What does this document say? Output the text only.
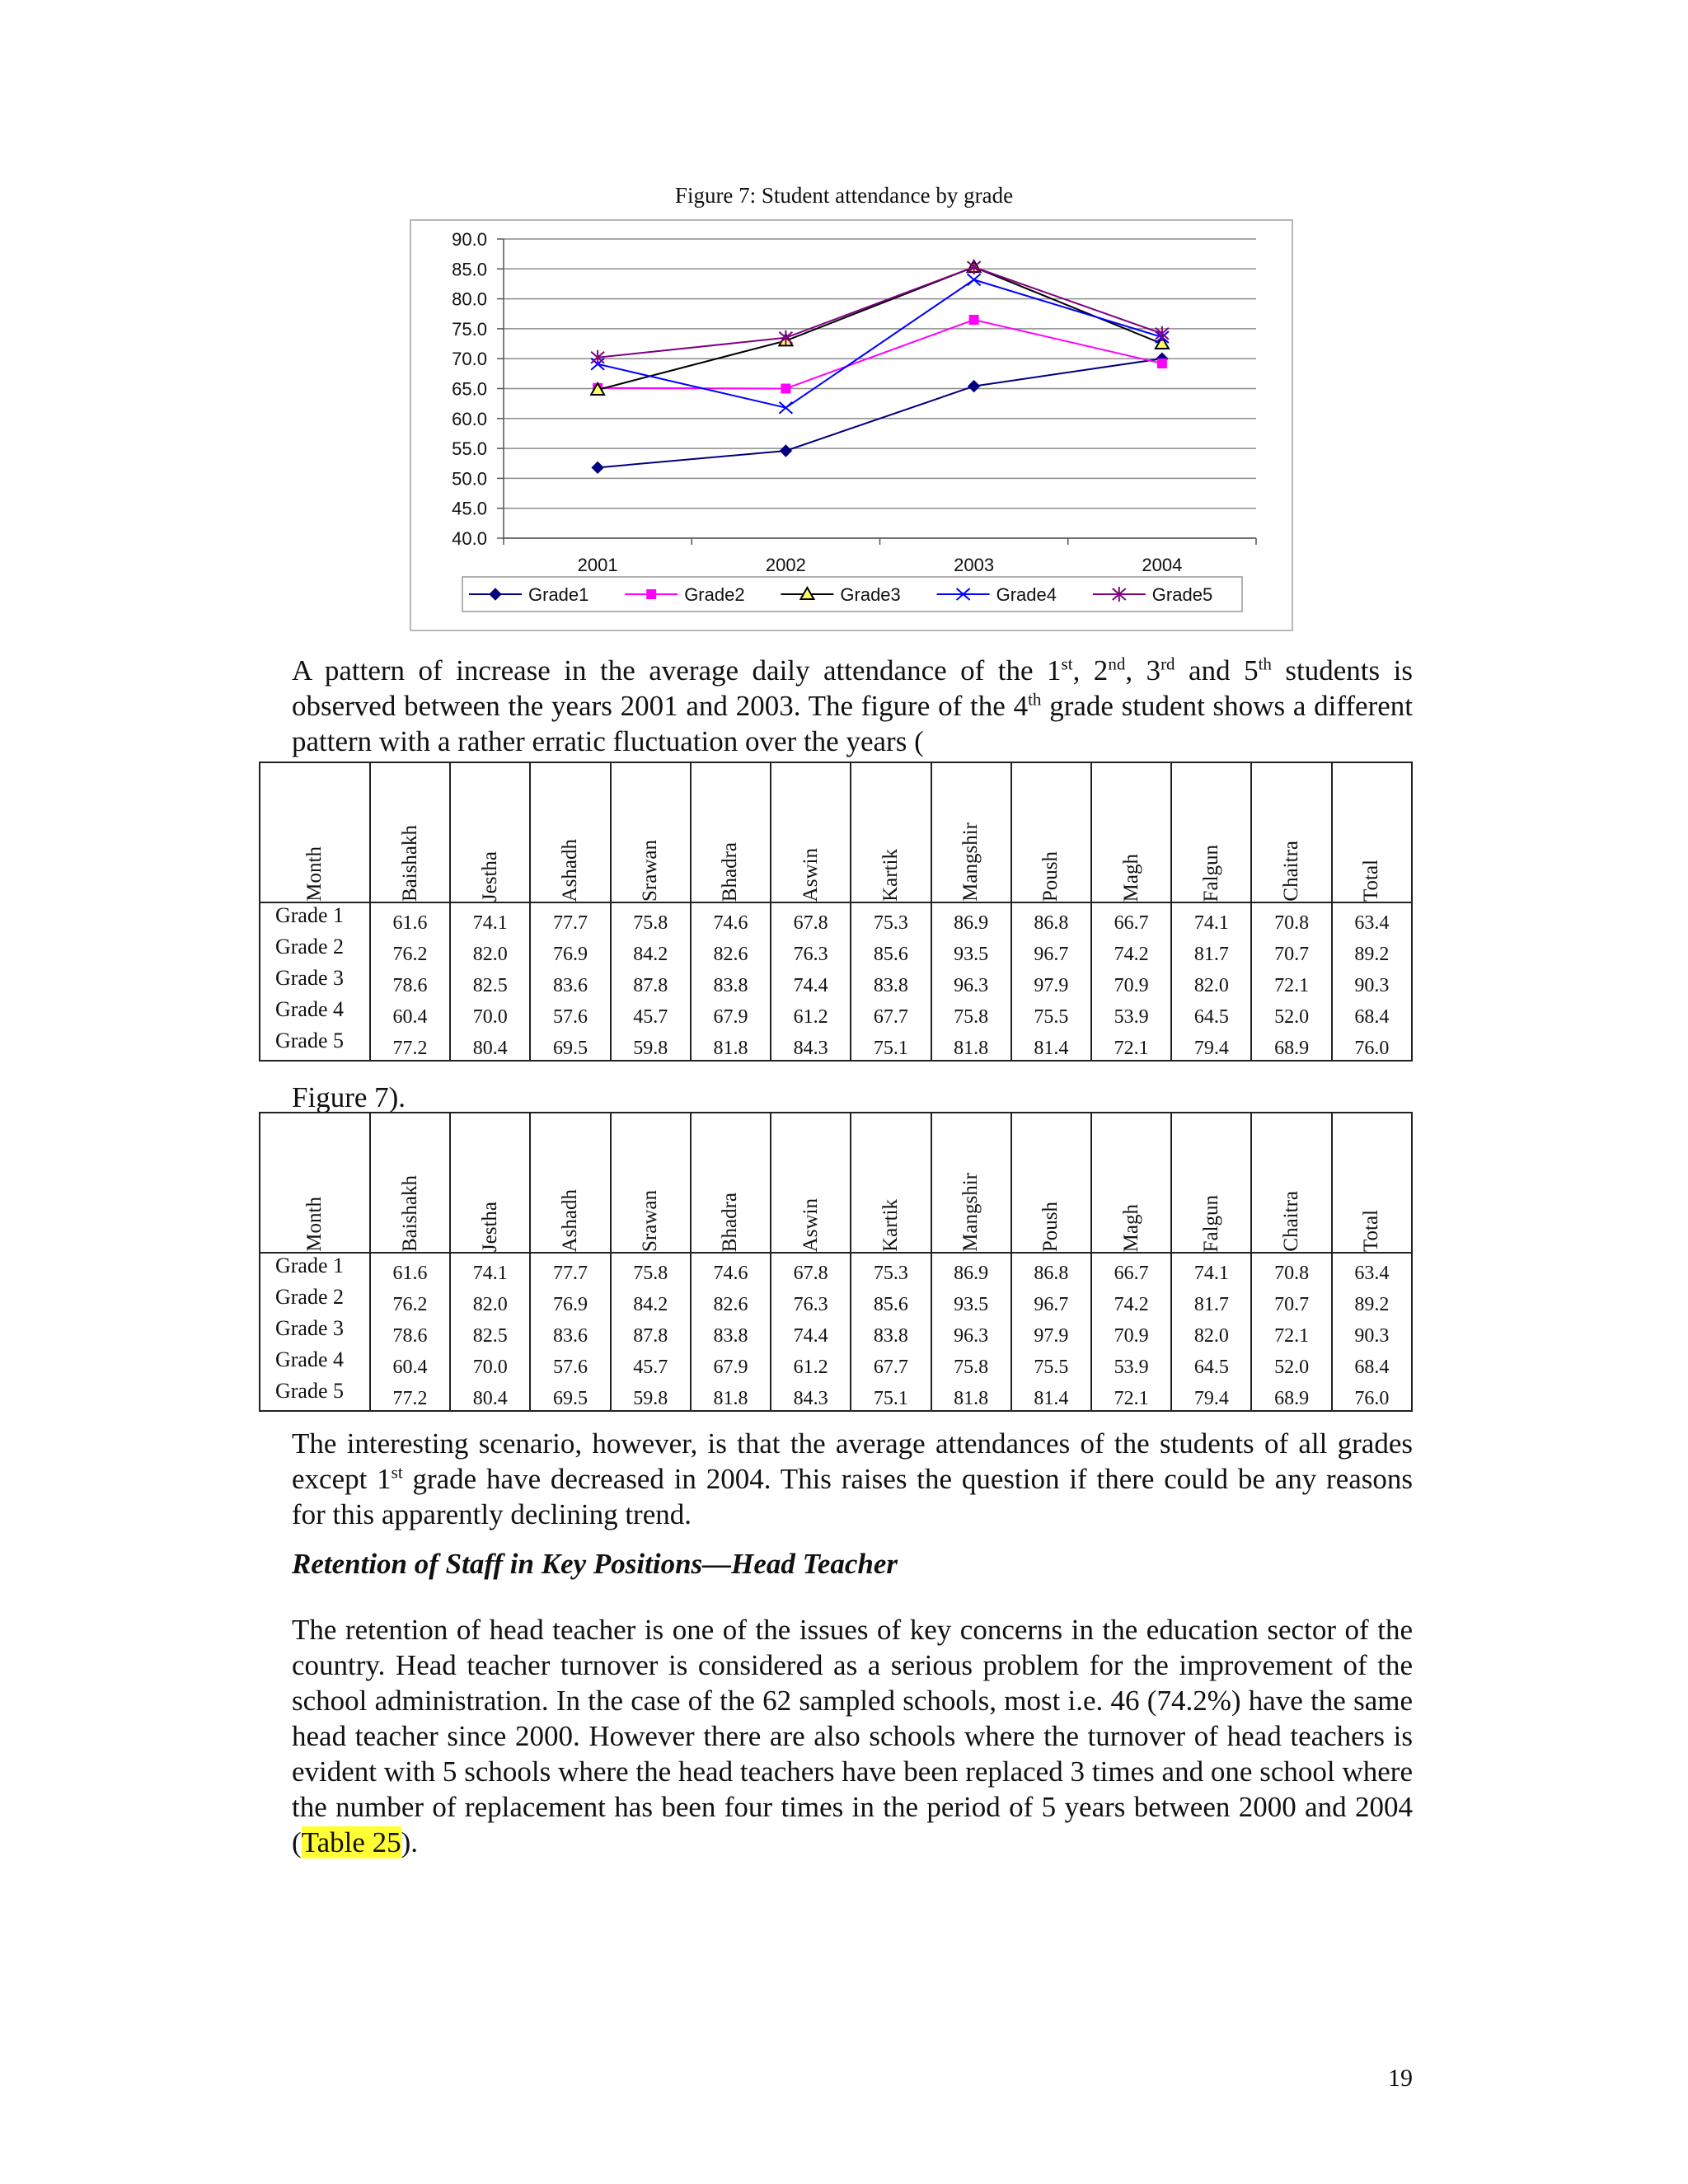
Figure 7: Student attendance by grade
90.0
85.0
80.0
75.0
70.0
65.0
60.0
55.0
50.0
45.0
40.0
2001	2002	2003	2004
Grade1	Grade2	Grade3	Grade4	Grade5
A pattern of increase in the average daily attendance of the 1st, 2nd, 3rd and 5th students is observed between the years 2001 and 2003. The figure of the 4th grade student shows a different pattern with a rather erratic fluctuation over the years (
Month	Baishakh	Jestha	Ashadh	Srawan	Bhadra	Aswin	Kartik	Mangshir	Poush	Magh	Falgun	Chaitra	Total

Grade 1	61.6	74.1	77.7	75.8	74.6	67.8	75.3	86.9	86.8	66.7	74.1	70.8	63.4
Grade 2	76.2	82.0	76.9	84.2	82.6	76.3	85.6	93.5	96.7	74.2	81.7	70.7	89.2
Grade 3	78.6	82.5	83.6	87.8	83.8	74.4	83.8	96.3	97.9	70.9	82.0	72.1	90.3
Grade 4	60.4	70.0	57.6	45.7	67.9	61.2	67.7	75.8	75.5	53.9	64.5	52.0	68.4
Grade 5	77.2	80.4	69.5	59.8	81.8	84.3	75.1	81.8	81.4	72.1	79.4	68.9	76.0
Figure 7).
Month	Baishakh	Jestha	Ashadh	Srawan	Bhadra	Aswin	Kartik	Mangshir	Poush	Magh	Falgun	Chaitra	Total

Grade 1	61.6	74.1	77.7	75.8	74.6	67.8	75.3	86.9	86.8	66.7	74.1	70.8	63.4
Grade 2	76.2	82.0	76.9	84.2	82.6	76.3	85.6	93.5	96.7	74.2	81.7	70.7	89.2
Grade 3	78.6	82.5	83.6	87.8	83.8	74.4	83.8	96.3	97.9	70.9	82.0	72.1	90.3
Grade 4	60.4	70.0	57.6	45.7	67.9	61.2	67.7	75.8	75.5	53.9	64.5	52.0	68.4
Grade 5	77.2	80.4	69.5	59.8	81.8	84.3	75.1	81.8	81.4	72.1	79.4	68.9	76.0
The interesting scenario, however, is that the average attendances of the students of all grades except 1st grade have decreased in 2004. This raises the question if there could be any reasons for this apparently declining trend.
Retention of Staff in Key Positions—Head Teacher
The retention of head teacher is one of the issues of key concerns in the education sector of the country. Head teacher turnover is considered as a serious problem for the improvement of the school administration. In the case of the 62 sampled schools, most i.e. 46 (74.2%) have the same head teacher since 2000. However there are also schools where the turnover of head teachers is evident with 5 schools where the head teachers have been replaced 3 times and one school where the number of replacement has been four times in the period of 5 years between 2000 and 2004 (Table 25).
19
